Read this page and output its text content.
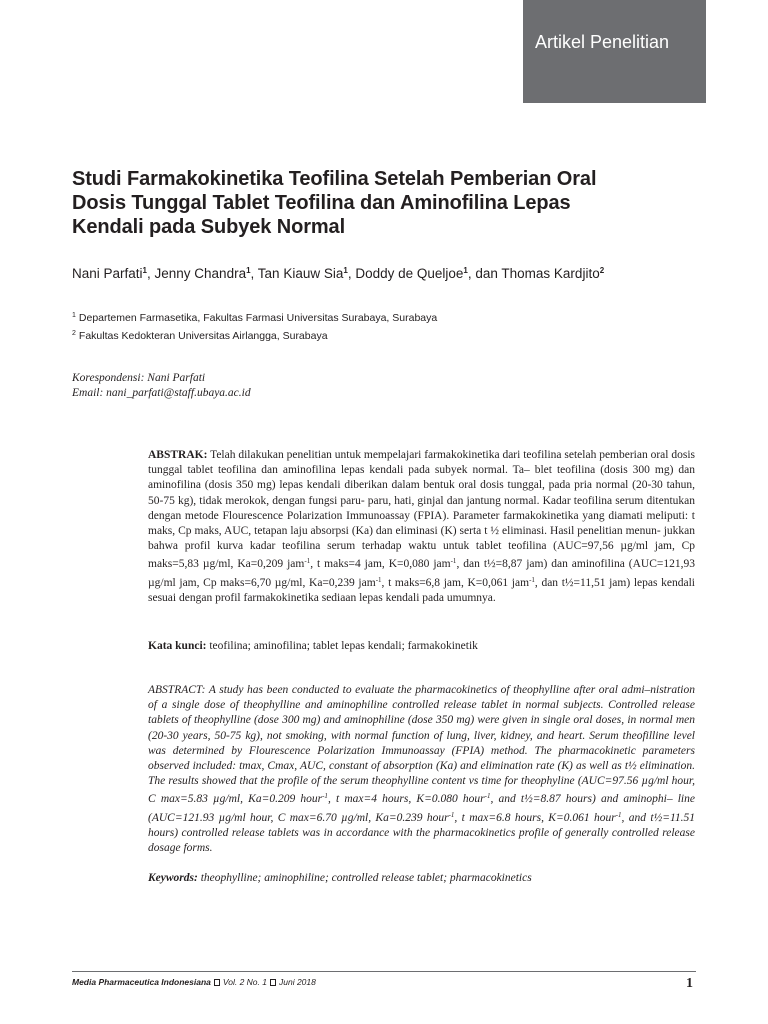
Artikel Penelitian
Studi Farmakokinetika Teofilina Setelah Pemberian Oral
Dosis Tunggal Tablet Teofilina dan Aminofilina Lepas
Kendali pada Subyek Normal
Nani Parfati$^1$, Jenny Chandra$^1$, Tan Kiauw Sia$^1$, Doddy de Queljoe$^1$, dan Thomas Kardjito$^2$
$^1$ Departemen Farmasetika, Fakultas Farmasi Universitas Surabaya, Surabaya
$^2$ Fakultas Kedokteran Universitas Airlangga, Surabaya
Korespondensi: Nani Parfati
Email: nani_parfati@staff.ubaya.ac.id

ABSTRAK: Telah dilakukan penelitian untuk mempelajari farmakokinetika dari teofilina setelah pemberian oral dosis tunggal tablet teofilina dan aminofilina lepas kendali pada subyek normal. Ta– blet teofilina (dosis 300 mg) dan aminofilina (dosis 350 mg) lepas kendali diberikan dalam bentuk oral dosis tunggal, pada pria normal (20-30 tahun, 50-75 kg), tidak merokok, dengan fungsi paru- paru, hati, ginjal dan jantung normal. Kadar teofilina serum ditentukan dengan metode Flourescence Polarization Immunoassay (FPIA). Parameter farmakokinetika yang diamati meliputi: t maks, Cp maks, AUC, tetapan laju absorpsi (Ka) dan eliminasi (K) serta t ½ eliminasi. Hasil penelitian menun- jukkan bahwa profil kurva kadar teofilina serum terhadap waktu untuk tablet teofilina (AUC=97,56 µg/ml jam, Cp maks=5,83 µg/ml, Ka=0,209 jam$^{-1}$, t maks=4 jam, K=0,080 jam$^{-1}$, dan t½=8,87 jam) dan aminofilina (AUC=121,93 µg/ml jam, Cp maks=6,70 µg/ml, Ka=0,239 jam$^{-1}$, t maks=6,8 jam, K=0,061 jam$^{-1}$, dan t½=11,51 jam) lepas kendali sesuai dengan profil farmakokinetika sediaan lepas kendali pada umumnya.

Kata kunci: teofilina; aminofilina; tablet lepas kendali; farmakokinetik

ABSTRACT: A study has been conducted to evaluate the pharmacokinetics of theophylline after oral admi–nistration of a single dose of theophylline and aminophiline controlled release tablet in normal subjects. Controlled release tablets of theophylline (dose 300 mg) and aminophiline (dose 350 mg) were given in single oral doses, in normal men (20-30 years, 50-75 kg), not smoking, with normal function of lung, liver, kidney, and heart. Serum theofilline level was determined by Flourescence Polarization Immunoassay (FPIA) method. The pharmacokinetic parameters observed included: tmax, Cmax, AUC, constant of absorption (Ka) and elimination rate (K) as well as t½ elimination. The results showed that the profile of the serum theophylline content vs time for theophyline (AUC=97.56 µg/ml hour, C max=5.83 µg/ml, Ka=0.209 hour$^{-1}$, t max=4 hours, K=0.080 hour$^{-1}$, and t½=8.87 hours) and aminophi– line (AUC=121.93 µg/ml hour, C max=6.70 µg/ml, Ka=0.239 hour$^{-1}$, t max=6.8 hours, K=0.061 hour$^{-1}$, and t½=11.51 hours) controlled release tablets was in accordance with the pharmacokinetics profile of generally controlled release dosage forms.

Keywords: theophylline; aminophiline; controlled release tablet; pharmacokinetics

Media Pharmaceutica Indonesiana Vol. 2 No. 1 Juni 2018	1
